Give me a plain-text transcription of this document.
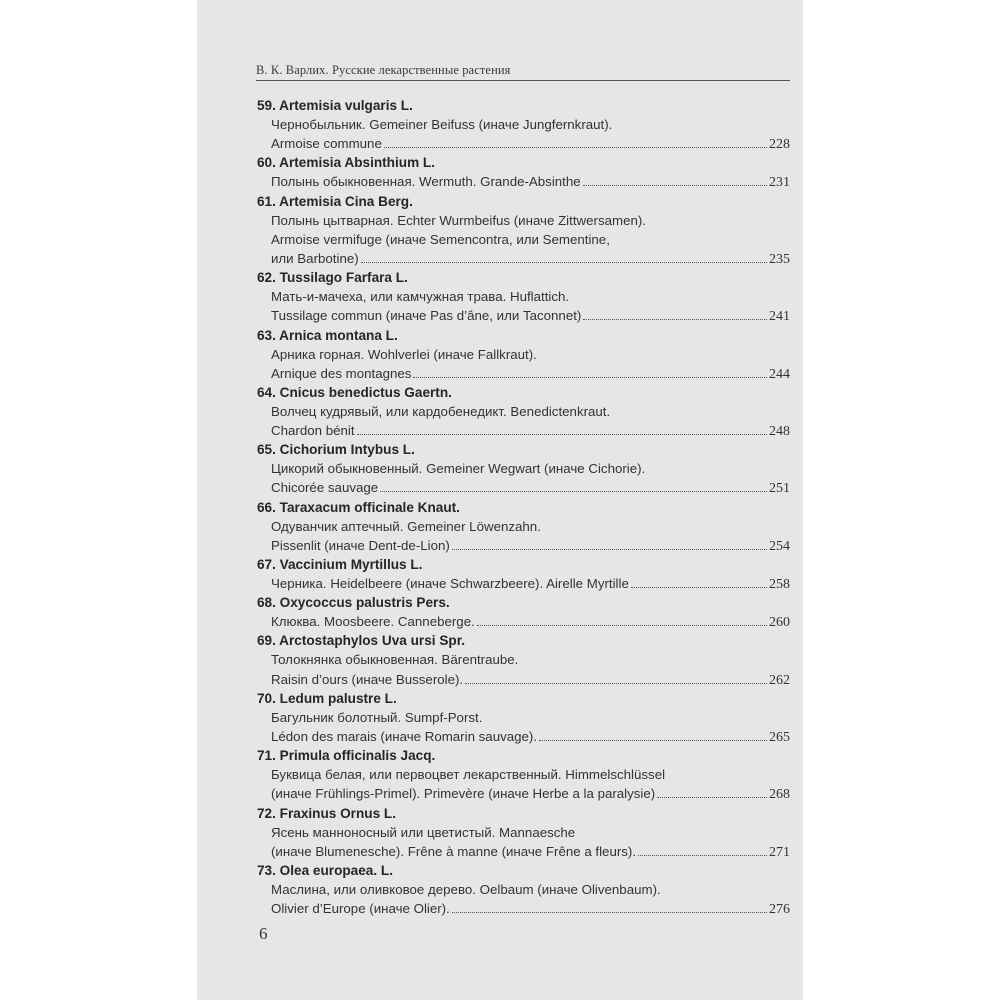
В. К. Варлих. Русские лекарственные растения
59. Artemisia vulgaris L.
Чернобыльник. Gemeiner Beifuss (иначе Jungfernkraut).
Armoise commune	228
60. Artemisia Absinthium L.
Полынь обыкновенная. Wermuth. Grande-Absinthe	231
61. Artemisia Cina Berg.
Полынь цытварная. Echter Wurmbeifus (иначе Zittwersamen).
Armoise vermifuge (иначе Semencontra, или Sementine,
или Barbotine)	235
62. Tussilago Farfara L.
Мать-и-мачеха, или камчужная трава. Huflattich.
Tussilage commun (иначе Pas d’âne, или Taconnet)	241
63. Arnica montana L.
Арника горная. Wohlverlei (иначе Fallkraut).
Arnique des montagnes	244
64. Cnicus benedictus Gaertn.
Волчец кудрявый, или кардобенедикт. Benedictenkraut.
Chardon bénit	248
65. Cichorium Intybus L.
Цикорий обыкновенный. Gemeiner Wegwart (иначе Cichorie).
Chicorée sauvage	251
66. Taraxacum officinale Knaut.
Одуванчик аптечный. Gemeiner Löwenzahn.
Pissenlit (иначе Dent-de-Lion)	254
67. Vaccinium Myrtillus L.
Черника. Heidelbeere (иначе Schwarzbeere). Airelle Myrtille	258
68. Oxycoccus palustris Pers.
Клюква. Moosbeere. Canneberge.	260
69. Arctostaphylos Uva ursi Spr.
Толокнянка обыкновенная. Bärentraube.
Raisin d’ours (иначе Busserole).	262
70. Ledum palustre L.
Багульник болотный. Sumpf-Porst.
Lédon des marais (иначе Romarin sauvage).	265
71. Primula officinalis Jacq.
Буквица белая, или первоцвет лекарственный. Himmelschlüssel
(иначе Frühlings-Primel). Primevère (иначе Herbe a la paralysie)	268
72. Fraxinus Ornus L.
Ясень манноносный или цветистый. Mannaesche
(иначе Blumenesche). Frêne à manne (иначе Frêne a fleurs).	271
73. Olea europaea. L.
Маслина, или оливковое дерево. Oelbaum (иначе Olivenbaum).
Olivier d’Europe (иначе Olier).	276
6
